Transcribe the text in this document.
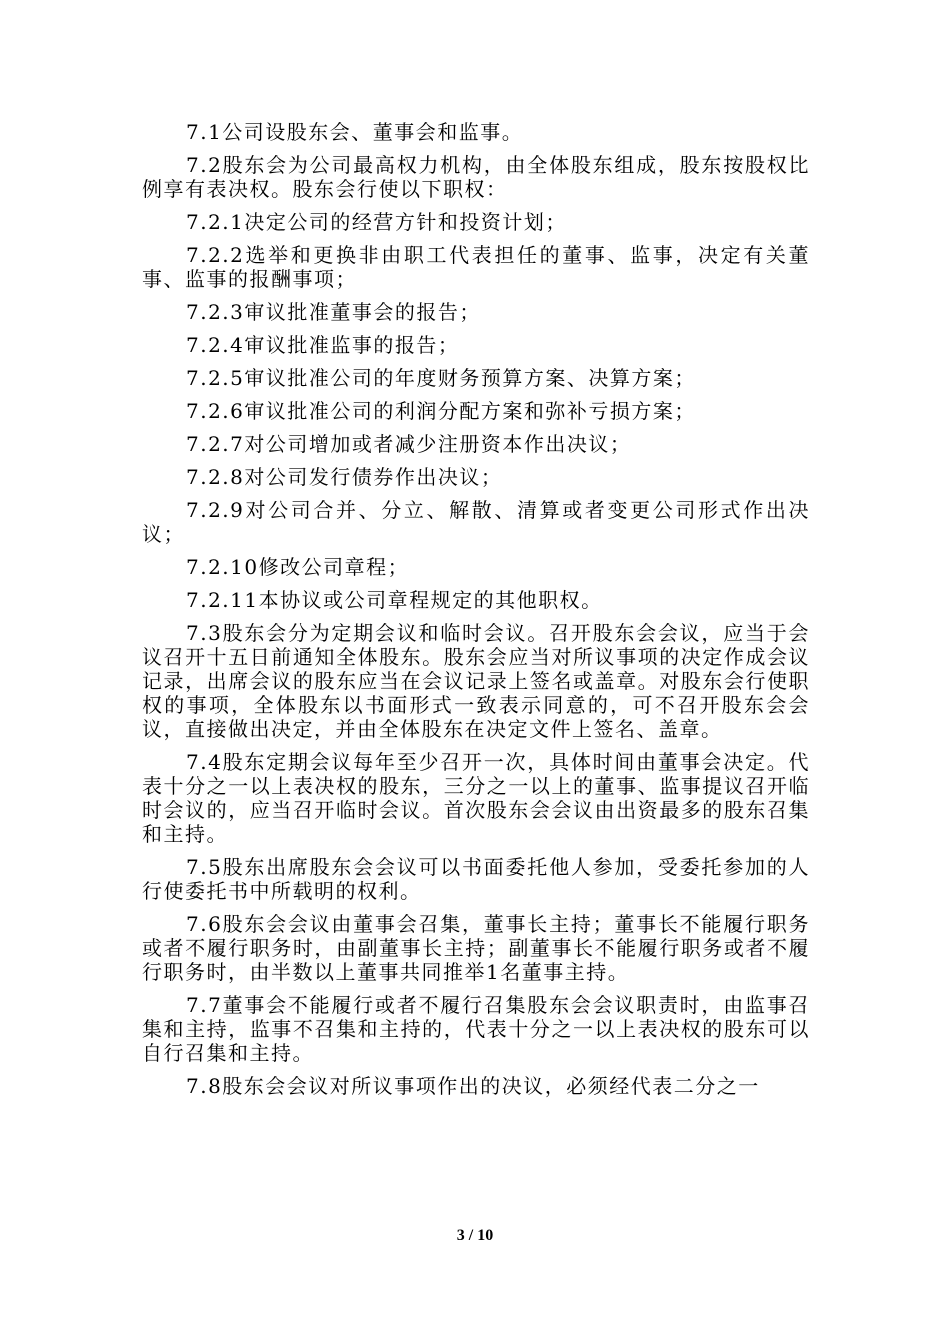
7.1公司设股东会、董事会和监事。

7.2股东会为公司最高权力机构，由全体股东组成，股东按股权比例享有表决权。股东会行使以下职权：

7.2.1决定公司的经营方针和投资计划；

7.2.2选举和更换非由职工代表担任的董事、监事，决定有关董事、监事的报酬事项；

7.2.3审议批准董事会的报告；

7.2.4审议批准监事的报告；

7.2.5审议批准公司的年度财务预算方案、决算方案；

7.2.6审议批准公司的利润分配方案和弥补亏损方案；

7.2.7对公司增加或者减少注册资本作出决议；

7.2.8对公司发行债券作出决议；

7.2.9对公司合并、分立、解散、清算或者变更公司形式作出决议；

7.2.10修改公司章程；

7.2.11本协议或公司章程规定的其他职权。

7.3股东会分为定期会议和临时会议。召开股东会会议，应当于会议召开十五日前通知全体股东。股东会应当对所议事项的决定作成会议记录，出席会议的股东应当在会议记录上签名或盖章。对股东会行使职权的事项，全体股东以书面形式一致表示同意的，可不召开股东会会议，直接做出决定，并由全体股东在决定文件上签名、盖章。

7.4股东定期会议每年至少召开一次，具体时间由董事会决定。代表十分之一以上表决权的股东，三分之一以上的董事、监事提议召开临时会议的，应当召开临时会议。首次股东会会议由出资最多的股东召集和主持。

7.5股东出席股东会会议可以书面委托他人参加，受委托参加的人行使委托书中所载明的权利。

7.6股东会会议由董事会召集，董事长主持；董事长不能履行职务或者不履行职务时，由副董事长主持；副董事长不能履行职务或者不履行职务时，由半数以上董事共同推举1名董事主持。

7.7董事会不能履行或者不履行召集股东会会议职责时，由监事召集和主持，监事不召集和主持的，代表十分之一以上表决权的股东可以自行召集和主持。

7.8股东会会议对所议事项作出的决议，必须经代表二分之一

3 / 10
